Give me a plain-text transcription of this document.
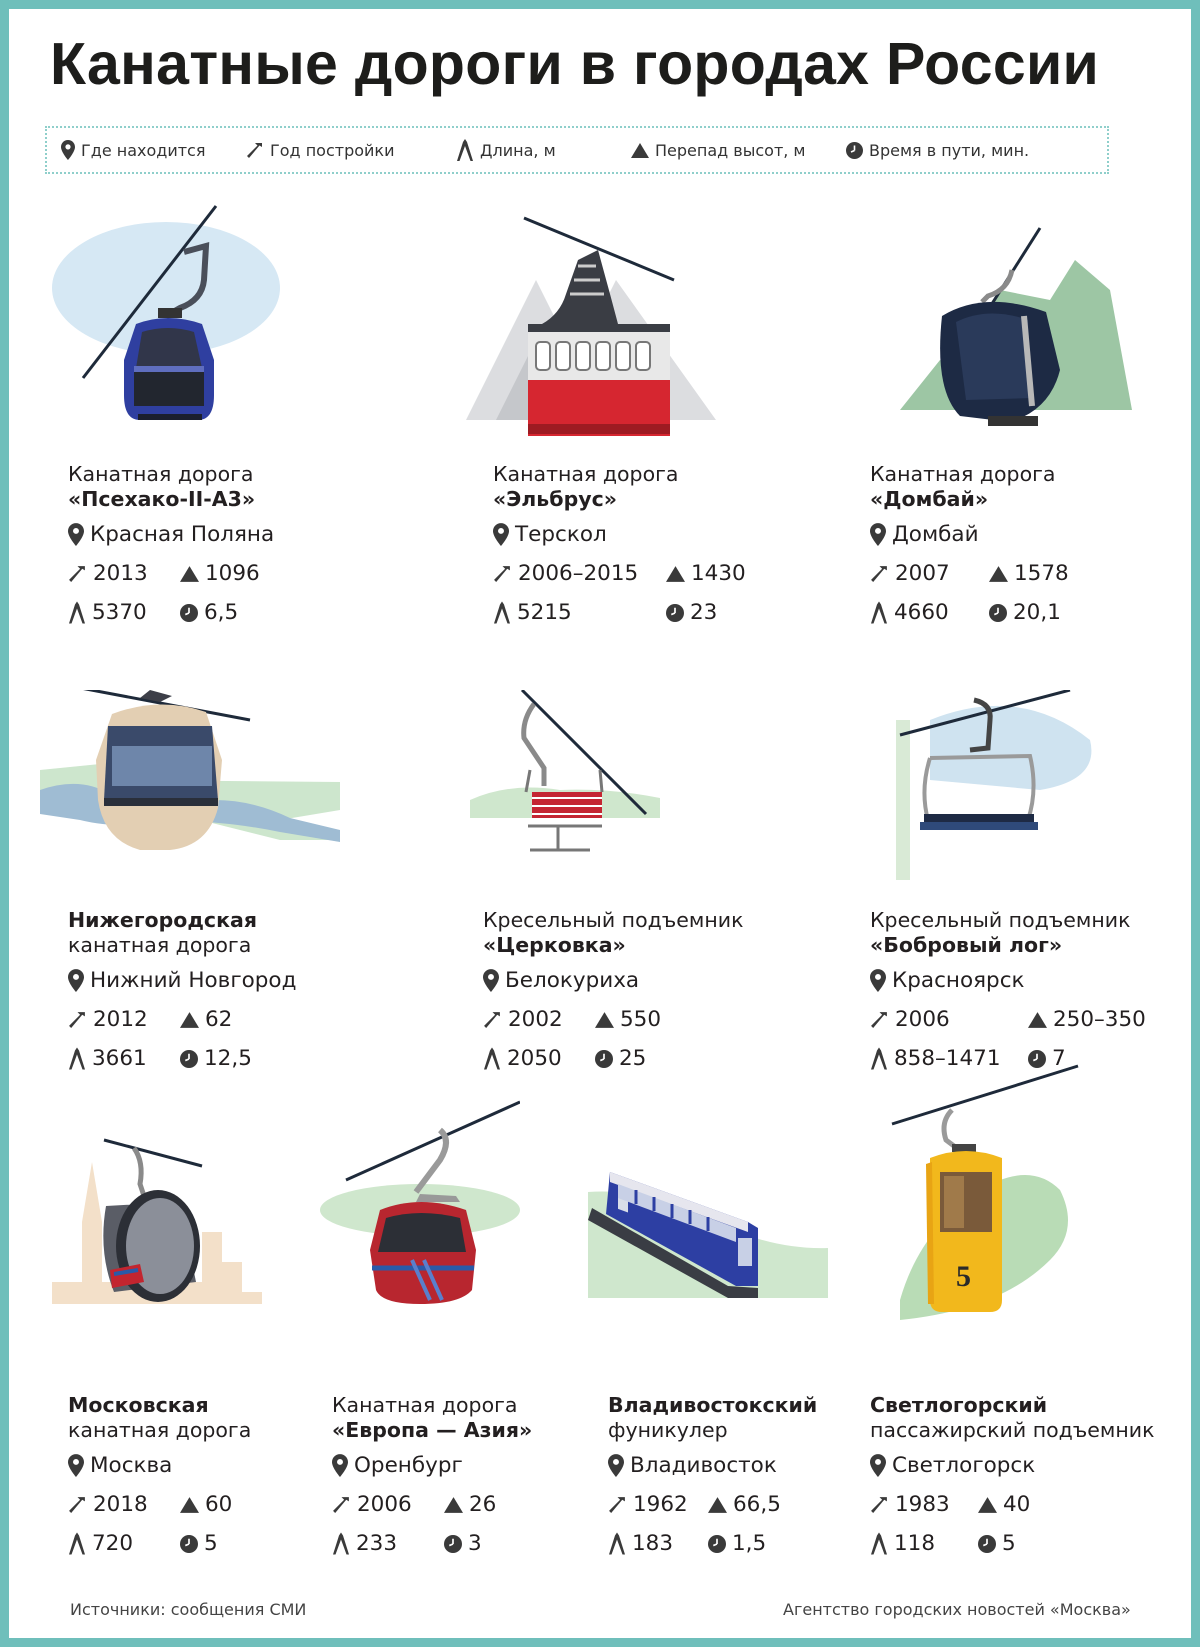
Канатные дороги в городах России
Где находится	Год постройки	Длина, м	Перепад высот, м	Время в пути, мин.
5
Канатная дорога
«Псехако-II-A3»
Красная Поляна
2013	1096
5370	6,5
Канатная дорога
«Эльбрус»
Терскол
2006–2015 1430
5215	23
Канатная дорога
«Домбай»
Домбай
2007	1578
4660	20,1
Нижегородская
канатная дорога
Нижний Новгород
2012	62
3661	12,5
Кресельный подъемник
«Церковка»
Белокуриха
2002	550
2050	25
Кресельный подъемник
«Бобровый лог»
Красноярск
2006	250–350
858–1471 7
Московская
канатная дорога
Москва
2018	60
720	5
Канатная дорога
«Европа — Азия»
Оренбург
2006	26
233	3
Владивостокский
фуникулер
Владивосток
1962 66,5
183	1,5
Светлогорский
пассажирский подъемник
Светлогорск
1983 40
118	5
Источники: сообщения СМИ	Агентство городских новостей «Москва»
